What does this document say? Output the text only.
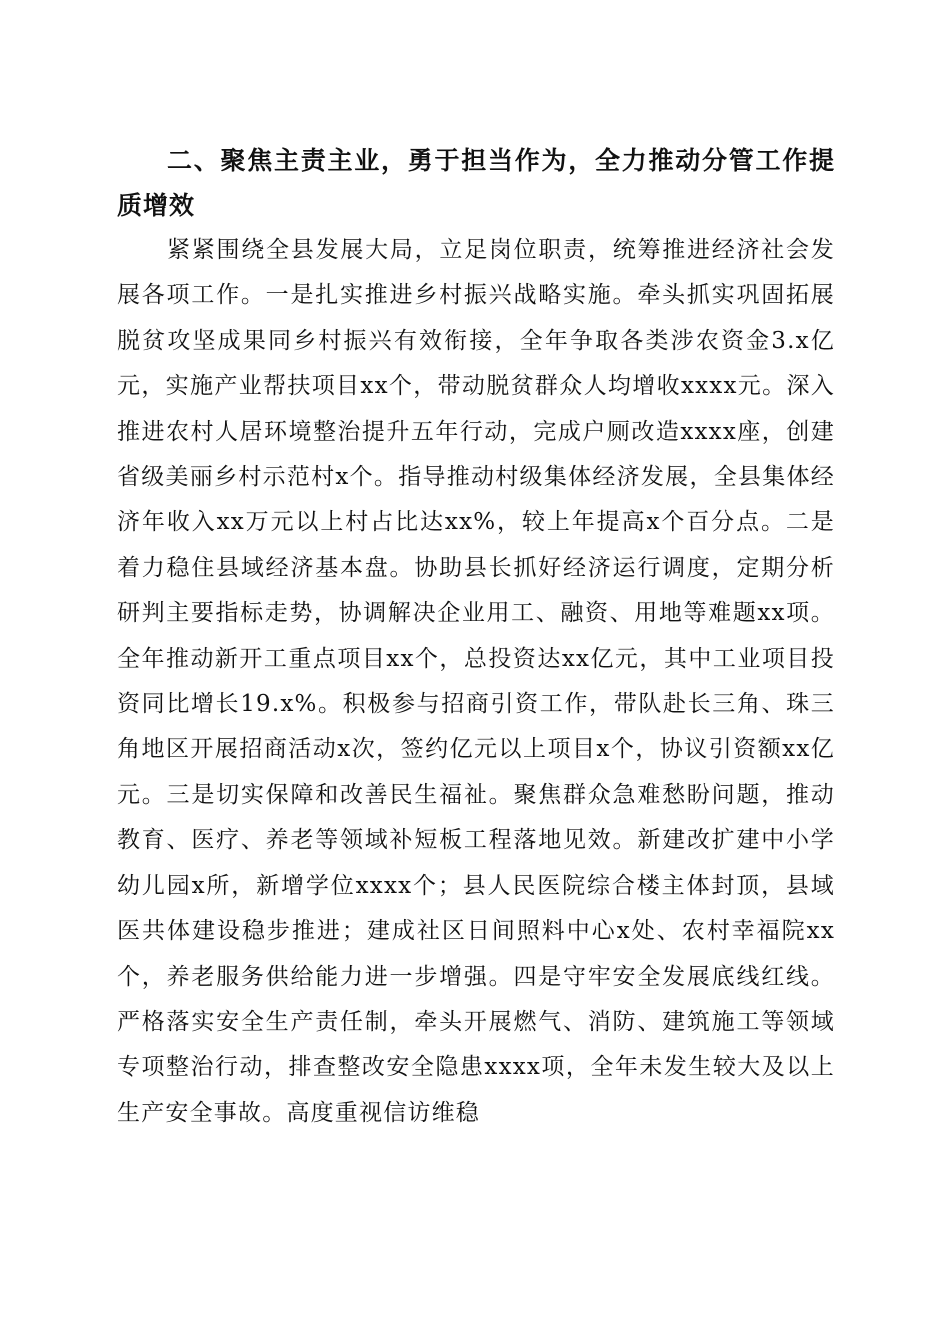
二、聚焦主责主业，勇于担当作为，全力推动分管工作提质增效

紧紧围绕全县发展大局，立足岗位职责，统筹推进经济社会发展各项工作。一是扎实推进乡村振兴战略实施。牵头抓实巩固拓展脱贫攻坚成果同乡村振兴有效衔接，全年争取各类涉农资金3.x亿元，实施产业帮扶项目xx个，带动脱贫群众人均增收xxxx元。深入推进农村人居环境整治提升五年行动，完成户厕改造xxxx座，创建省级美丽乡村示范村x个。指导推动村级集体经济发展，全县集体经济年收入xx万元以上村占比达xx%，较上年提高x个百分点。二是着力稳住县域经济基本盘。协助县长抓好经济运行调度，定期分析研判主要指标走势，协调解决企业用工、融资、用地等难题xx项。全年推动新开工重点项目xx个，总投资达xx亿元，其中工业项目投资同比增长19.x%。积极参与招商引资工作，带队赴长三角、珠三角地区开展招商活动x次，签约亿元以上项目x个，协议引资额xx亿元。三是切实保障和改善民生福祉。聚焦群众急难愁盼问题，推动教育、医疗、养老等领域补短板工程落地见效。新建改扩建中小学幼儿园x所，新增学位xxxx个；县人民医院综合楼主体封顶，县域医共体建设稳步推进；建成社区日间照料中心x处、农村幸福院xx个，养老服务供给能力进一步增强。四是守牢安全发展底线红线。严格落实安全生产责任制，牵头开展燃气、消防、建筑施工等领域专项整治行动，排查整改安全隐患xxxx项，全年未发生较大及以上生产安全事故。高度重视信访维稳
